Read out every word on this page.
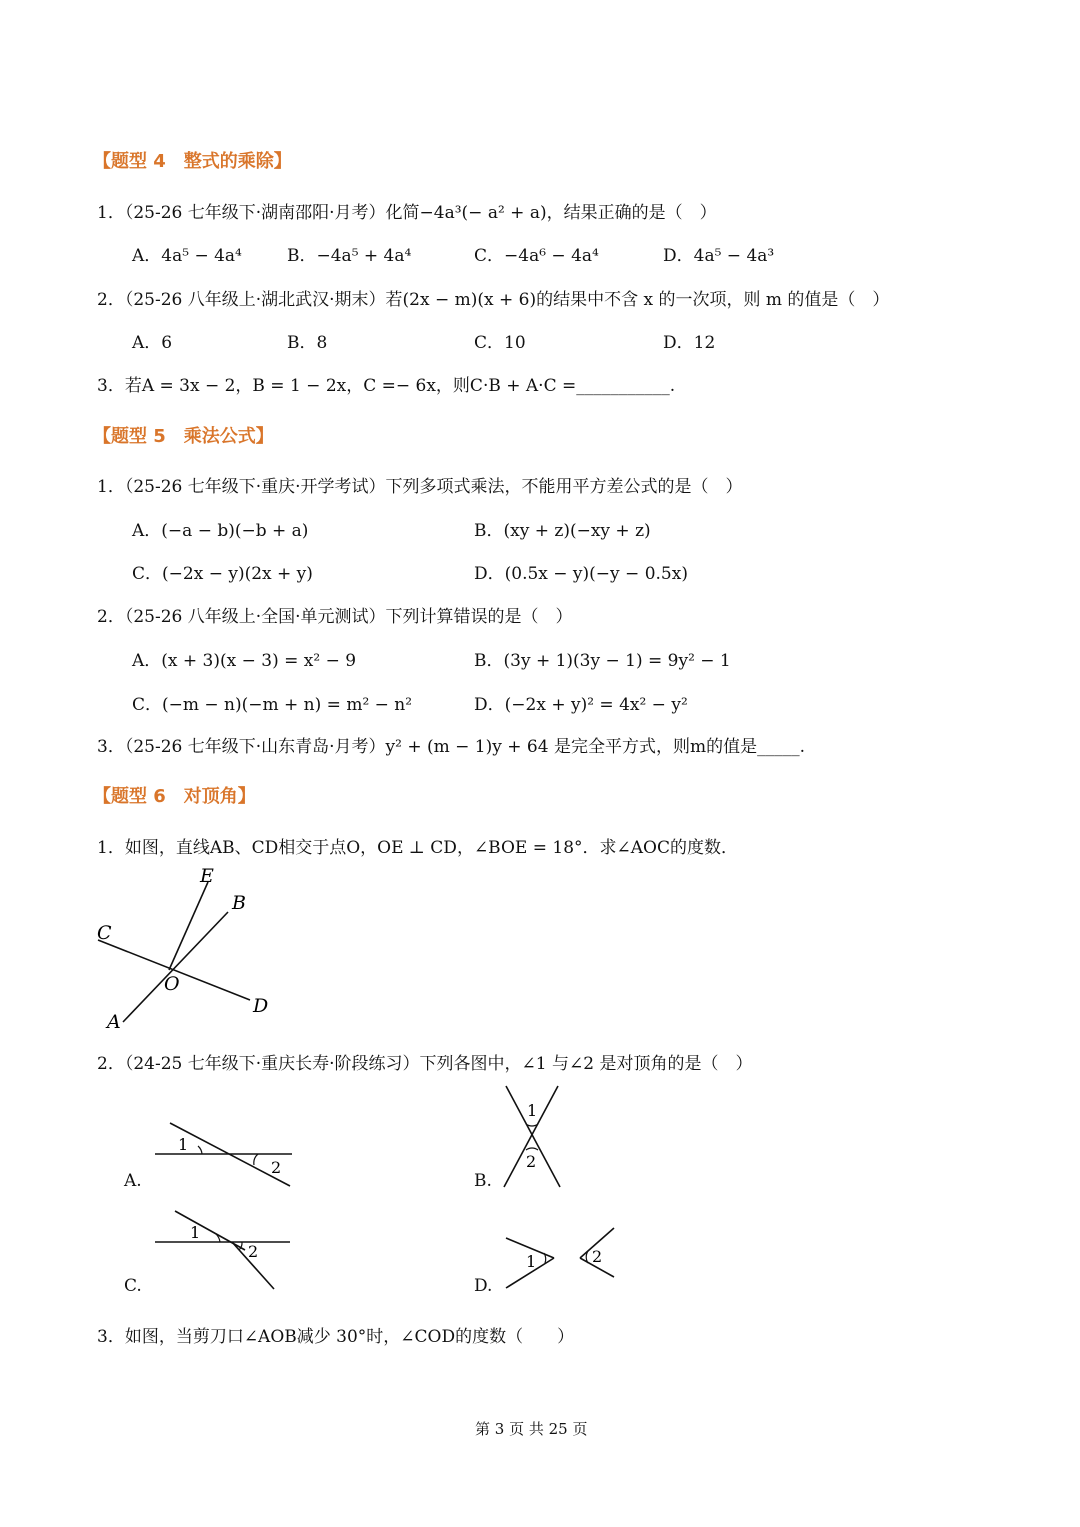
【题型 4　整式的乘除】
1．（25-26 七年级下·湖南邵阳·月考）化简−4a³(− a² + a)，结果正确的是（　）
A．4a⁵ − 4a⁴	B．−4a⁵ + 4a⁴	C．−4a⁶ − 4a⁴	D．4a⁵ − 4a³
2．（25-26 八年级上·湖北武汉·期末）若(2x − m)(x + 6)的结果中不含 x 的一次项，则 m 的值是（　）
A．6	B．8	C．10	D．12
3．若A = 3x − 2，B = 1 − 2x，C =− 6x，则C·B + A·C =___________.
【题型 5　乘法公式】
1．（25-26 七年级下·重庆·开学考试）下列多项式乘法，不能用平方差公式的是（　）
A．(−a − b)(−b + a)	B．(xy + z)(−xy + z)
C．(−2x − y)(2x + y)	D．(0.5x − y)(−y − 0.5x)
2．（25-26 八年级上·全国·单元测试）下列计算错误的是（　）
A．(x + 3)(x − 3) = x² − 9	B．(3y + 1)(3y − 1) = 9y² − 1
C．(−m − n)(−m + n) = m² − n²	D．(−2x + y)² = 4x² − y²
3．（25-26 七年级下·山东青岛·月考）y² + (m − 1)y + 64 是完全平方式，则m的值是_____.
【题型 6　对顶角】
1．如图，直线AB、CD相交于点O，OE ⊥ CD，∠BOE = 18°．求∠AOC的度数．
E
B
C
O
D
A
2．（24-25 七年级下·重庆长寿·阶段练习）下列各图中，∠1 与∠2 是对顶角的是（　）
A.
1
2
B.
1
2
C.
1
2
D.
1	2
3．如图，当剪刀口∠AOB减少 30°时，∠COD的度数（　　）
第 3 页 共 25 页
